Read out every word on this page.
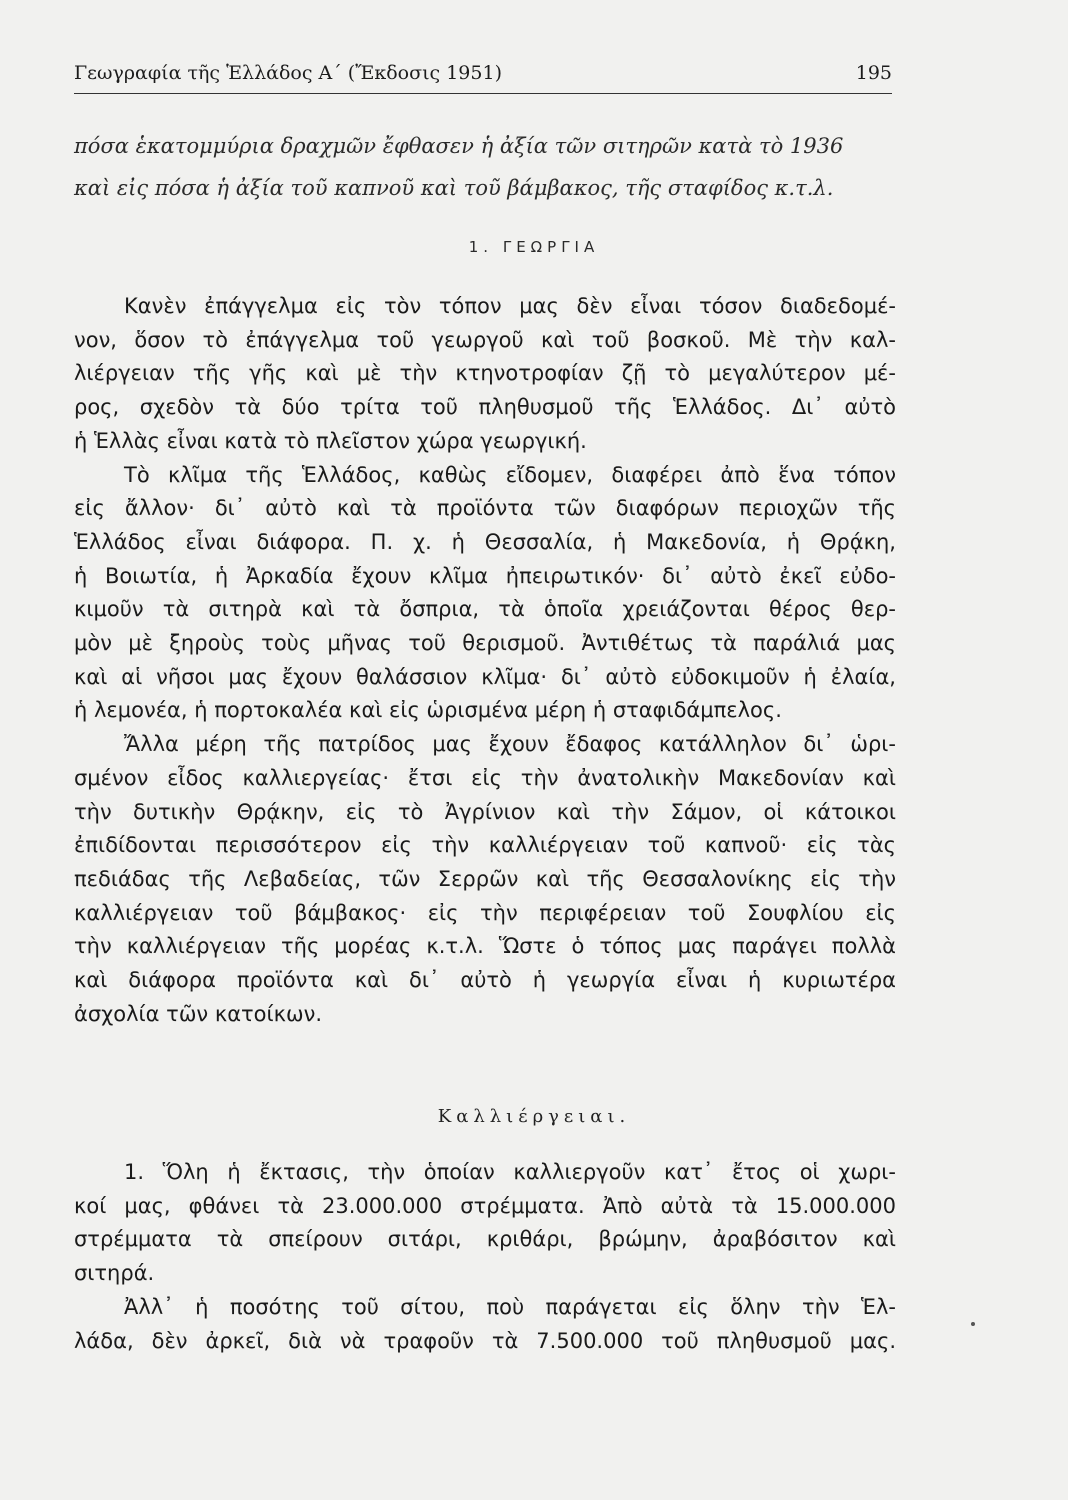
Γεωγραφία τῆς Ἑλλάδος Α΄ (Ἔκδοσις 1951)	195

πόσα ἑκατομμύρια δραχμῶν ἔφθασεν ἡ ἀξία τῶν σιτηρῶν κατὰ τὸ 1936
καὶ εἰς πόσα ἡ ἀξία τοῦ καπνοῦ καὶ τοῦ βάμβακος, τῆς σταφίδος κ.τ.λ.

1. ΓΕΩΡΓΙΑ
Κανὲν ἐπάγγελμα εἰς τὸν τόπον μας δὲν εἶναι τόσον διαδεδομέ-
νον, ὅσον τὸ ἐπάγγελμα τοῦ γεωργοῦ καὶ τοῦ βοσκοῦ. Μὲ τὴν καλ-
λιέργειαν τῆς γῆς καὶ μὲ τὴν κτηνοτροφίαν ζῇ τὸ μεγαλύτερον μέ-
ρος, σχεδὸν τὰ δύο τρίτα τοῦ πληθυσμοῦ τῆς Ἑλλάδος. Δι᾽ αὐτὸ
ἡ Ἑλλὰς εἶναι κατὰ τὸ πλεῖστον χώρα γεωργική.
Τὸ κλῖμα τῆς Ἑλλάδος, καθὼς εἴδομεν, διαφέρει ἀπὸ ἕνα τόπον
εἰς ἄλλον· δι᾽ αὐτὸ καὶ τὰ προϊόντα τῶν διαφόρων περιοχῶν τῆς
Ἑλλάδος εἶναι διάφορα. Π. χ. ἡ Θεσσαλία, ἡ Μακεδονία, ἡ Θρᾴκη,
ἡ Βοιωτία, ἡ Ἀρκαδία ἔχουν κλῖμα ἠπειρωτικόν· δι᾽ αὐτὸ ἐκεῖ εὐδο-
κιμοῦν τὰ σιτηρὰ καὶ τὰ ὄσπρια, τὰ ὁποῖα χρειάζονται θέρος θερ-
μὸν μὲ ξηροὺς τοὺς μῆνας τοῦ θερισμοῦ. Ἀντιθέτως τὰ παράλιά μας
καὶ αἱ νῆσοι μας ἔχουν θαλάσσιον κλῖμα· δι᾽ αὐτὸ εὐδοκιμοῦν ἡ ἐλαία,
ἡ λεμονέα, ἡ πορτοκαλέα καὶ εἰς ὡρισμένα μέρη ἡ σταφιδάμπελος.
Ἄλλα μέρη τῆς πατρίδος μας ἔχουν ἔδαφος κατάλληλον δι᾽ ὡρι-
σμένον εἶδος καλλιεργείας· ἔτσι εἰς τὴν ἀνατολικὴν Μακεδονίαν καὶ
τὴν δυτικὴν Θρᾴκην, εἰς τὸ Ἀγρίνιον καὶ τὴν Σάμον, οἱ κάτοικοι
ἐπιδίδονται περισσότερον εἰς τὴν καλλιέργειαν τοῦ καπνοῦ· εἰς τὰς
πεδιάδας τῆς Λεβαδείας, τῶν Σερρῶν καὶ τῆς Θεσσαλονίκης εἰς τὴν
καλλιέργειαν τοῦ βάμβακος· εἰς τὴν περιφέρειαν τοῦ Σουφλίου εἰς
τὴν καλλιέργειαν τῆς μορέας κ.τ.λ. Ὥστε ὁ τόπος μας παράγει πολλὰ
καὶ διάφορα προϊόντα καὶ δι᾽ αὐτὸ ἡ γεωργία εἶναι ἡ κυριωτέρα
ἀσχολία τῶν κατοίκων.
Καλλιέργειαι.
1. Ὅλη ἡ ἔκτασις, τὴν ὁποίαν καλλιεργοῦν κατ᾽ ἔτος οἱ χωρι-
κοί μας, φθάνει τὰ 23.000.000 στρέμματα. Ἀπὸ αὐτὰ τὰ 15.000.000
στρέμματα τὰ σπείρουν σιτάρι, κριθάρι, βρώμην, ἀραβόσιτον καὶ
σιτηρά.
Ἀλλ᾽ ἡ ποσότης τοῦ σίτου, ποὺ παράγεται εἰς ὅλην τὴν Ἑλ-
λάδα, δὲν ἀρκεῖ, διὰ νὰ τραφοῦν τὰ 7.500.000 τοῦ πληθυσμοῦ μας.
